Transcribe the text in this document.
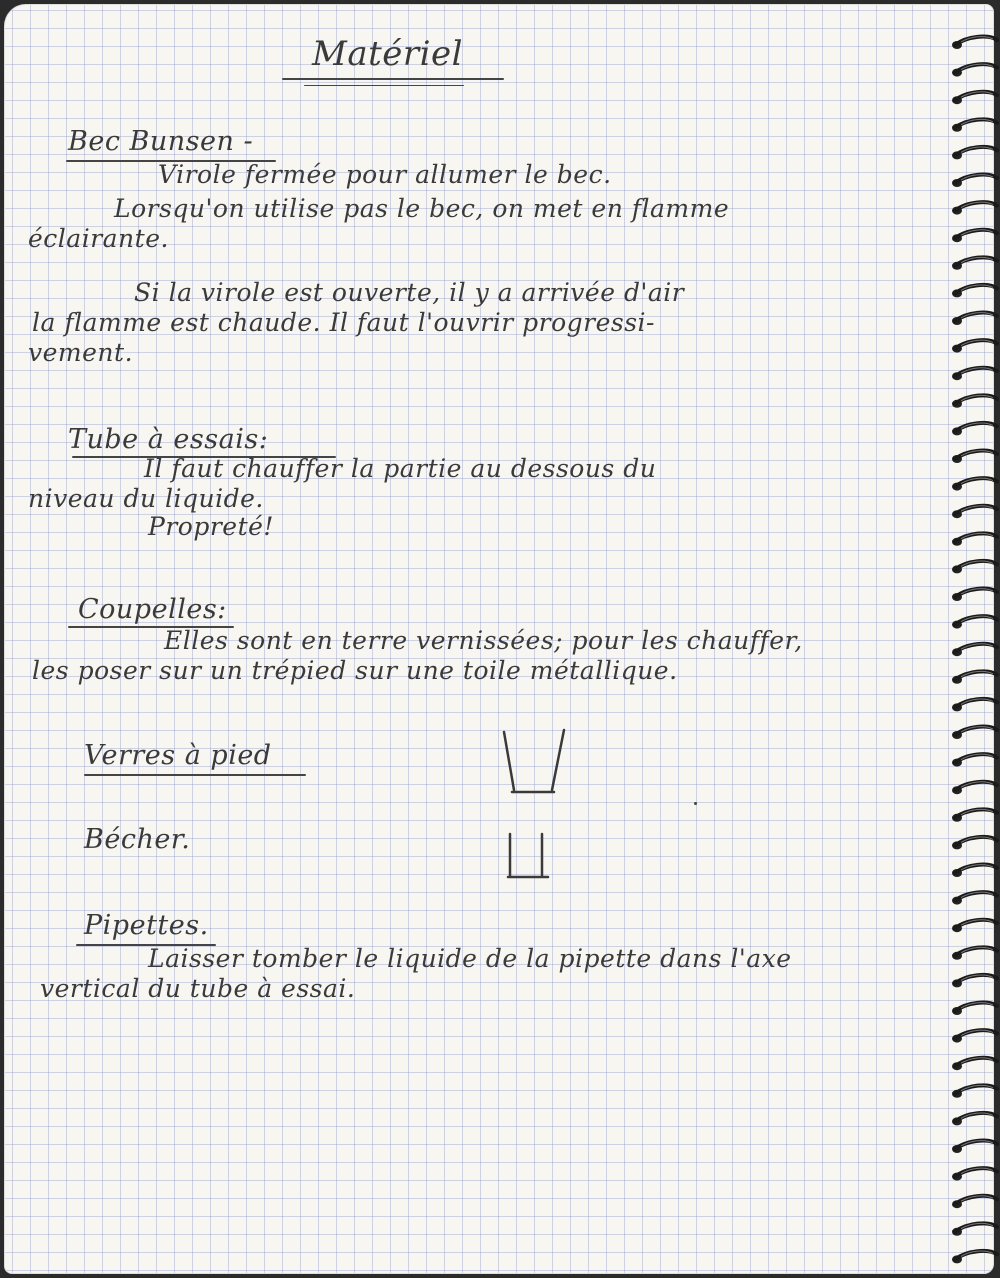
Matériel
Bec Bunsen -
Virole fermée pour allumer le bec.
Lorsqu'on utilise pas le bec, on met en flamme
éclairante.
Si la virole est ouverte, il y a arrivée d'air
la flamme est chaude. Il faut l'ouvrir progressi-
vement.
Tube à essais:
Il faut chauffer la partie au dessous du
niveau du liquide.
Propreté!
Coupelles:
Elles sont en terre vernissées; pour les chauffer,
les poser sur un trépied sur une toile métallique.
Verres à pied
Bécher.
Pipettes.
Laisser tomber le liquide de la pipette dans l'axe
vertical du tube à essai.
